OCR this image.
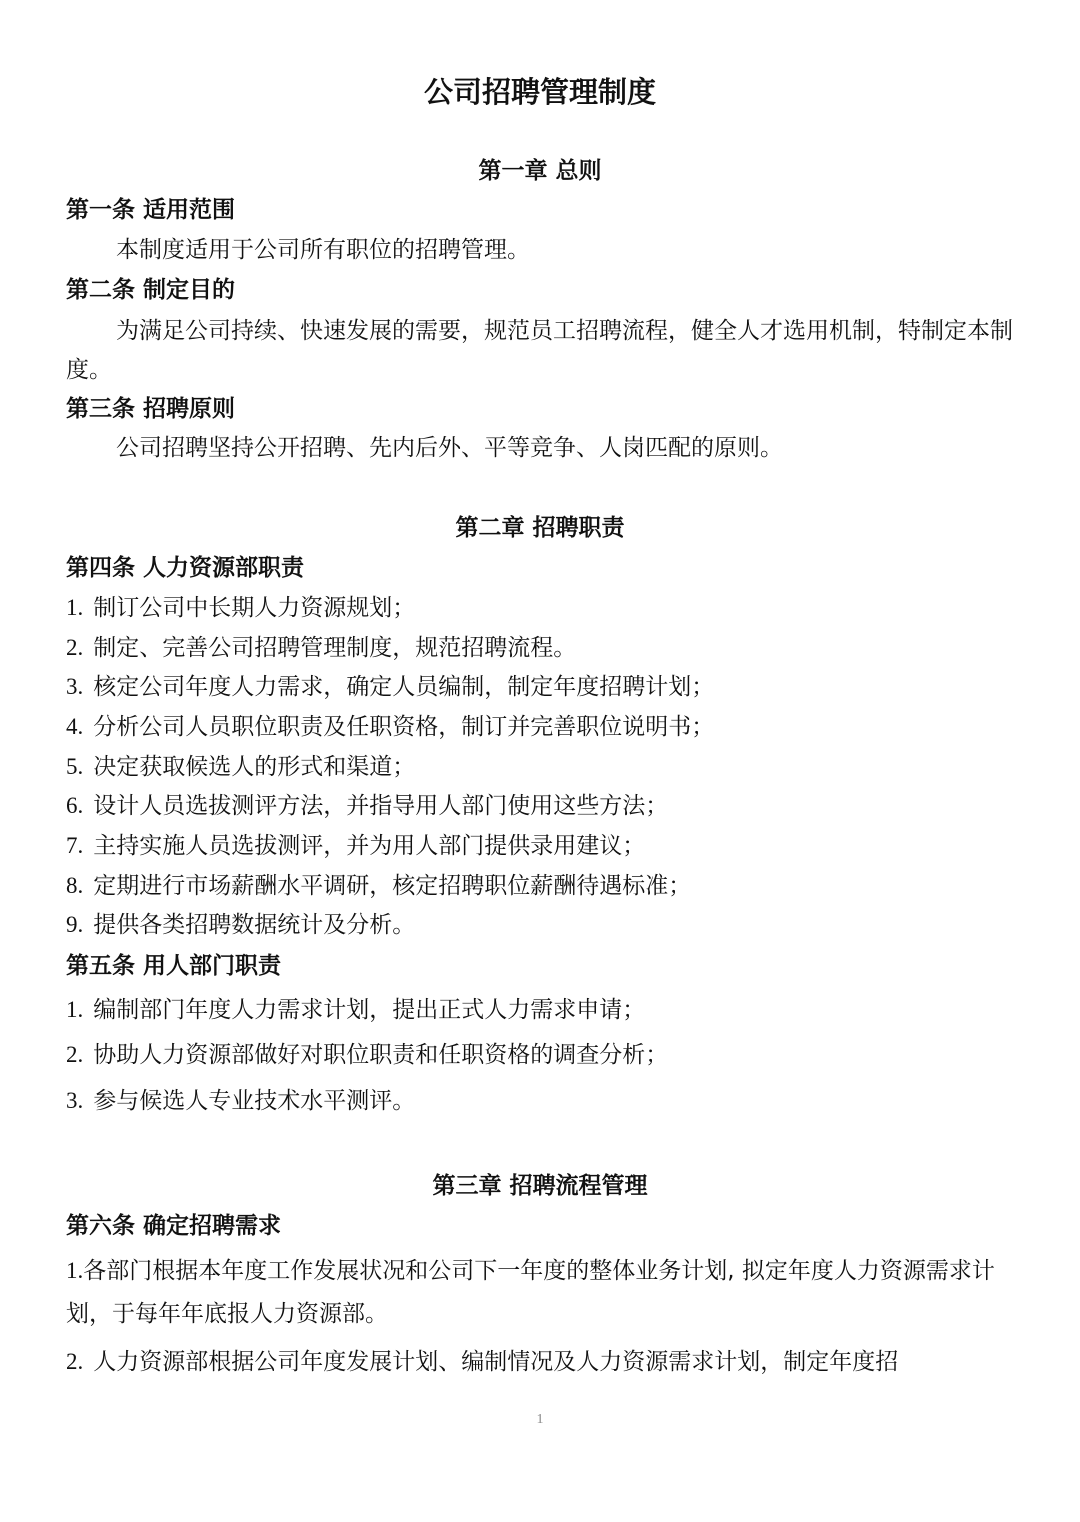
公司招聘管理制度
第一章 总则
第一条 适用范围
本制度适用于公司所有职位的招聘管理。
第二条 制定目的
为满足公司持续、快速发展的需要，规范员工招聘流程，健全人才选用机制，特制定本制度。
第三条 招聘原则
公司招聘坚持公开招聘、先内后外、平等竞争、人岗匹配的原则。
第二章 招聘职责
第四条 人力资源部职责
1. 制订公司中长期人力资源规划；
2. 制定、完善公司招聘管理制度，规范招聘流程。
3. 核定公司年度人力需求，确定人员编制，制定年度招聘计划；
4. 分析公司人员职位职责及任职资格，制订并完善职位说明书；
5. 决定获取候选人的形式和渠道；
6. 设计人员选拔测评方法，并指导用人部门使用这些方法；
7. 主持实施人员选拔测评，并为用人部门提供录用建议；
8. 定期进行市场薪酬水平调研，核定招聘职位薪酬待遇标准；
9. 提供各类招聘数据统计及分析。
第五条 用人部门职责
1. 编制部门年度人力需求计划，提出正式人力需求申请；
2. 协助人力资源部做好对职位职责和任职资格的调查分析；
3. 参与候选人专业技术水平测评。
第三章 招聘流程管理
第六条 确定招聘需求
1.各部门根据本年度工作发展状况和公司下一年度的整体业务计划, 拟定年度人力资源需求计划，于每年年底报人力资源部。
2. 人力资源部根据公司年度发展计划、编制情况及人力资源需求计划，制定年度招
1
